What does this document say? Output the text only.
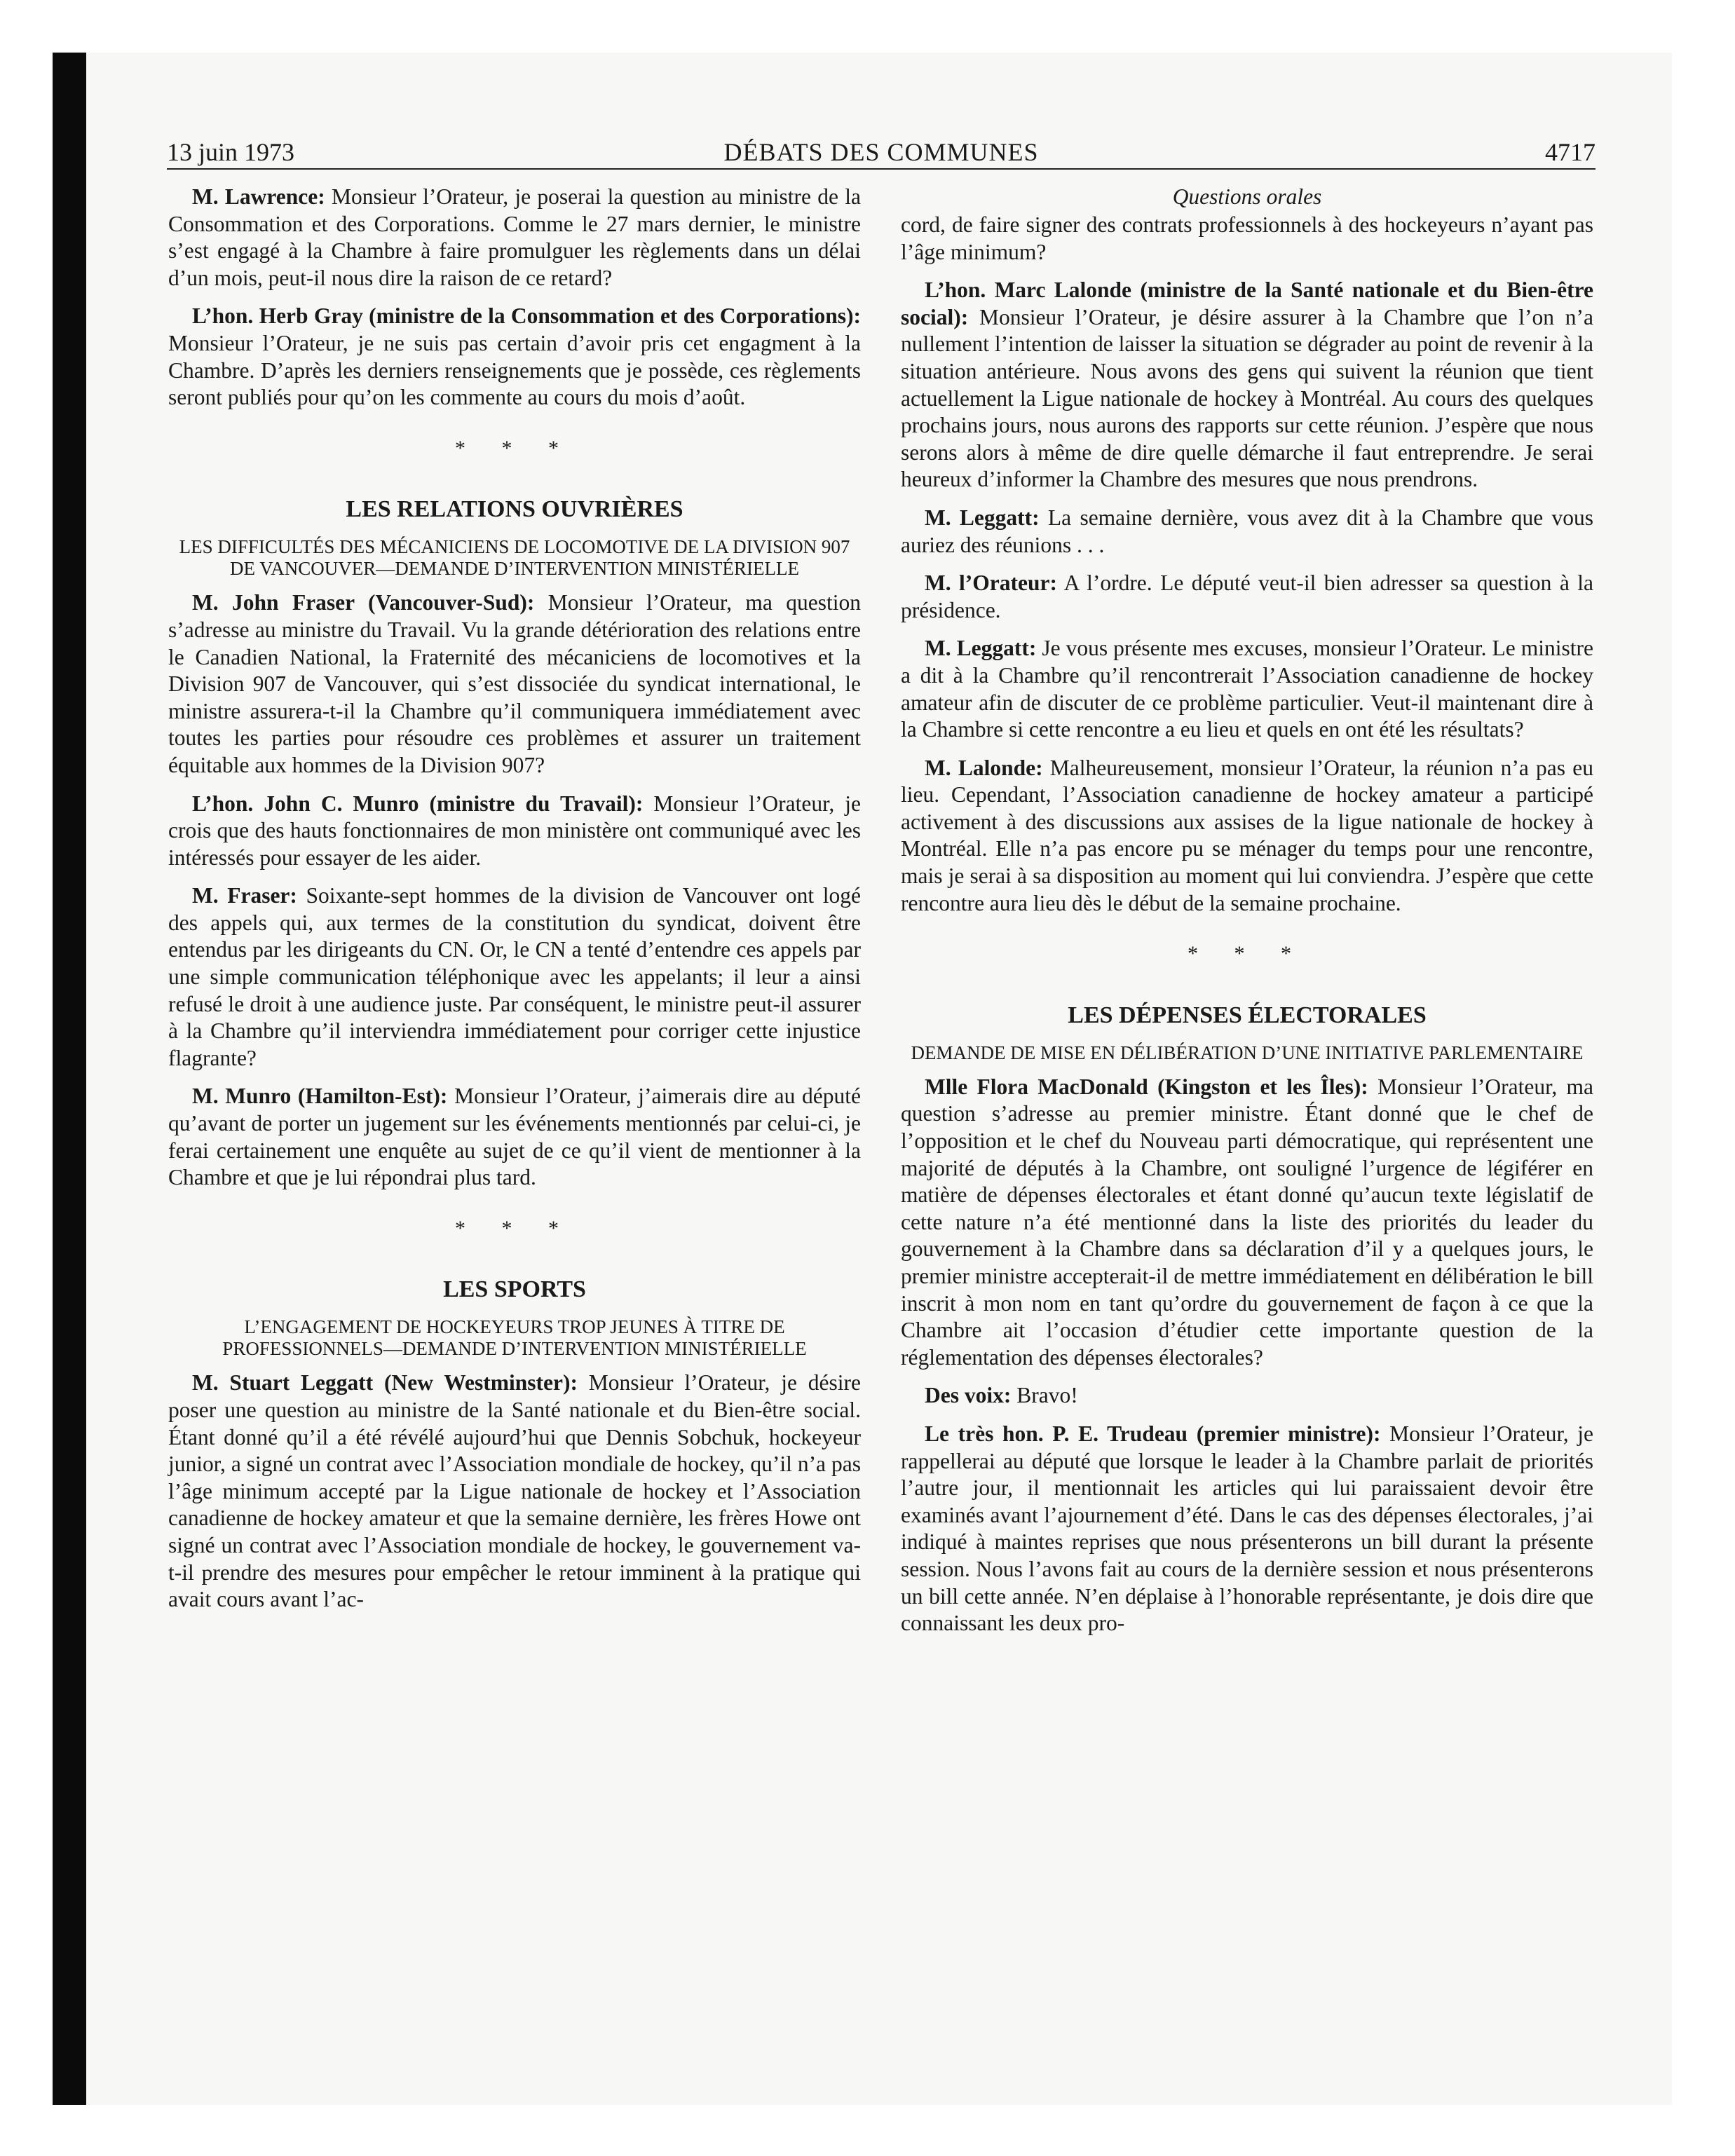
13 juin 1973	DÉBATS DES COMMUNES	4717

M. Lawrence: Monsieur l’Orateur, je poserai la question au ministre de la Consommation et des Corporations. Comme le 27 mars dernier, le ministre s’est engagé à la Chambre à faire promulguer les règlements dans un délai d’un mois, peut-il nous dire la raison de ce retard?

L’hon. Herb Gray (ministre de la Consommation et des Corporations): Monsieur l’Orateur, je ne suis pas certain d’avoir pris cet engagment à la Chambre. D’après les derniers renseignements que je possède, ces règlements seront publiés pour qu’on les commente au cours du mois d’août.

* * *
LES RELATIONS OUVRIÈRES
LES DIFFICULTÉS DES MÉCANICIENS DE LOCOMOTIVE DE LA DIVISION 907 DE VANCOUVER—DEMANDE D’INTERVENTION MINISTÉRIELLE

M. John Fraser (Vancouver-Sud): Monsieur l’Orateur, ma question s’adresse au ministre du Travail. Vu la grande détérioration des relations entre le Canadien National, la Fraternité des mécaniciens de locomotives et la Division 907 de Vancouver, qui s’est dissociée du syndicat international, le ministre assurera-t-il la Chambre qu’il communiquera immédiatement avec toutes les parties pour résoudre ces problèmes et assurer un traitement équitable aux hommes de la Division 907?

L’hon. John C. Munro (ministre du Travail): Monsieur l’Orateur, je crois que des hauts fonctionnaires de mon ministère ont communiqué avec les intéressés pour essayer de les aider.

M. Fraser: Soixante-sept hommes de la division de Vancouver ont logé des appels qui, aux termes de la constitution du syndicat, doivent être entendus par les dirigeants du CN. Or, le CN a tenté d’entendre ces appels par une simple communication téléphonique avec les appelants; il leur a ainsi refusé le droit à une audience juste. Par conséquent, le ministre peut-il assurer à la Chambre qu’il interviendra immédiatement pour corriger cette injustice flagrante?

M. Munro (Hamilton-Est): Monsieur l’Orateur, j’aimerais dire au député qu’avant de porter un jugement sur les événements mentionnés par celui-ci, je ferai certainement une enquête au sujet de ce qu’il vient de mentionner à la Chambre et que je lui répondrai plus tard.

* * *
LES SPORTS
L’ENGAGEMENT DE HOCKEYEURS TROP JEUNES À TITRE DE PROFESSIONNELS—DEMANDE D’INTERVENTION MINISTÉRIELLE

M. Stuart Leggatt (New Westminster): Monsieur l’Orateur, je désire poser une question au ministre de la Santé nationale et du Bien-être social. Étant donné qu’il a été révélé aujourd’hui que Dennis Sobchuk, hockeyeur junior, a signé un contrat avec l’Association mondiale de hockey, qu’il n’a pas l’âge minimum accepté par la Ligue nationale de hockey et l’Association canadienne de hockey amateur et que la semaine dernière, les frères Howe ont signé un contrat avec l’Association mondiale de hockey, le gouvernement va-t-il prendre des mesures pour empêcher le retour imminent à la pratique qui avait cours avant l’ac-

Questions orales

cord, de faire signer des contrats professionnels à des hockeyeurs n’ayant pas l’âge minimum?

L’hon. Marc Lalonde (ministre de la Santé nationale et du Bien-être social): Monsieur l’Orateur, je désire assurer à la Chambre que l’on n’a nullement l’intention de laisser la situation se dégrader au point de revenir à la situation antérieure. Nous avons des gens qui suivent la réunion que tient actuellement la Ligue nationale de hockey à Montréal. Au cours des quelques prochains jours, nous aurons des rapports sur cette réunion. J’espère que nous serons alors à même de dire quelle démarche il faut entreprendre. Je serai heureux d’informer la Chambre des mesures que nous prendrons.

M. Leggatt: La semaine dernière, vous avez dit à la Chambre que vous auriez des réunions . . .

M. l’Orateur: A l’ordre. Le député veut-il bien adresser sa question à la présidence.

M. Leggatt: Je vous présente mes excuses, monsieur l’Orateur. Le ministre a dit à la Chambre qu’il rencontrerait l’Association canadienne de hockey amateur afin de discuter de ce problème particulier. Veut-il maintenant dire à la Chambre si cette rencontre a eu lieu et quels en ont été les résultats?

M. Lalonde: Malheureusement, monsieur l’Orateur, la réunion n’a pas eu lieu. Cependant, l’Association canadienne de hockey amateur a participé activement à des discussions aux assises de la ligue nationale de hockey à Montréal. Elle n’a pas encore pu se ménager du temps pour une rencontre, mais je serai à sa disposition au moment qui lui conviendra. J’espère que cette rencontre aura lieu dès le début de la semaine prochaine.

* * *
LES DÉPENSES ÉLECTORALES
DEMANDE DE MISE EN DÉLIBÉRATION D’UNE INITIATIVE PARLEMENTAIRE

Mlle Flora MacDonald (Kingston et les Îles): Monsieur l’Orateur, ma question s’adresse au premier ministre. Étant donné que le chef de l’opposition et le chef du Nouveau parti démocratique, qui représentent une majorité de députés à la Chambre, ont souligné l’urgence de légiférer en matière de dépenses électorales et étant donné qu’aucun texte législatif de cette nature n’a été mentionné dans la liste des priorités du leader du gouvernement à la Chambre dans sa déclaration d’il y a quelques jours, le premier ministre accepterait-il de mettre immédiatement en délibération le bill inscrit à mon nom en tant qu’ordre du gouvernement de façon à ce que la Chambre ait l’occasion d’étudier cette importante question de la réglementation des dépenses électorales?

Des voix: Bravo!

Le très hon. P. E. Trudeau (premier ministre): Monsieur l’Orateur, je rappellerai au député que lorsque le leader à la Chambre parlait de priorités l’autre jour, il mentionnait les articles qui lui paraissaient devoir être examinés avant l’ajournement d’été. Dans le cas des dépenses électorales, j’ai indiqué à maintes reprises que nous présenterons un bill durant la présente session. Nous l’avons fait au cours de la dernière session et nous présenterons un bill cette année. N’en déplaise à l’honorable représentante, je dois dire que connaissant les deux pro-
